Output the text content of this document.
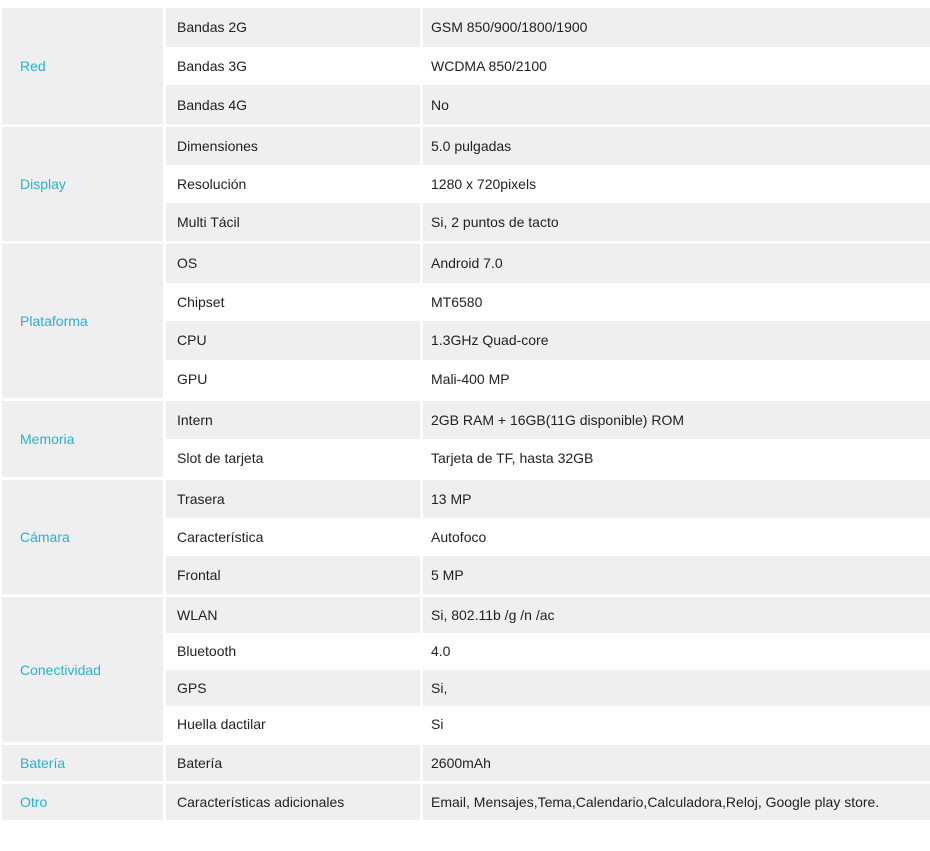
Red
Bandas 2G	GSM 850/900/1800/1900
Bandas 3G	WCDMA 850/2100
Bandas 4G	No
Display
Dimensiones	5.0 pulgadas
Resolución	1280 x 720pixels
Multi Tácil	Si, 2 puntos de tacto
Plataforma
OS	Android 7.0
Chipset	MT6580
CPU	1.3GHz Quad-core
GPU	Mali-400 MP
Memoria
Intern	2GB RAM + 16GB(11G disponible) ROM
Slot de tarjeta	Tarjeta de TF, hasta 32GB
Cámara
Trasera	13 MP
Característica	Autofoco
Frontal	5 MP
Conectividad
WLAN	Si, 802.11b /g /n /ac
Bluetooth	4.0
GPS	Si,
Huella dactilar	Si
Batería	Batería	2600mAh
Otro	Características adicionales	Email, Mensajes,Tema,Calendario,Calculadora,Reloj, Google play store.
